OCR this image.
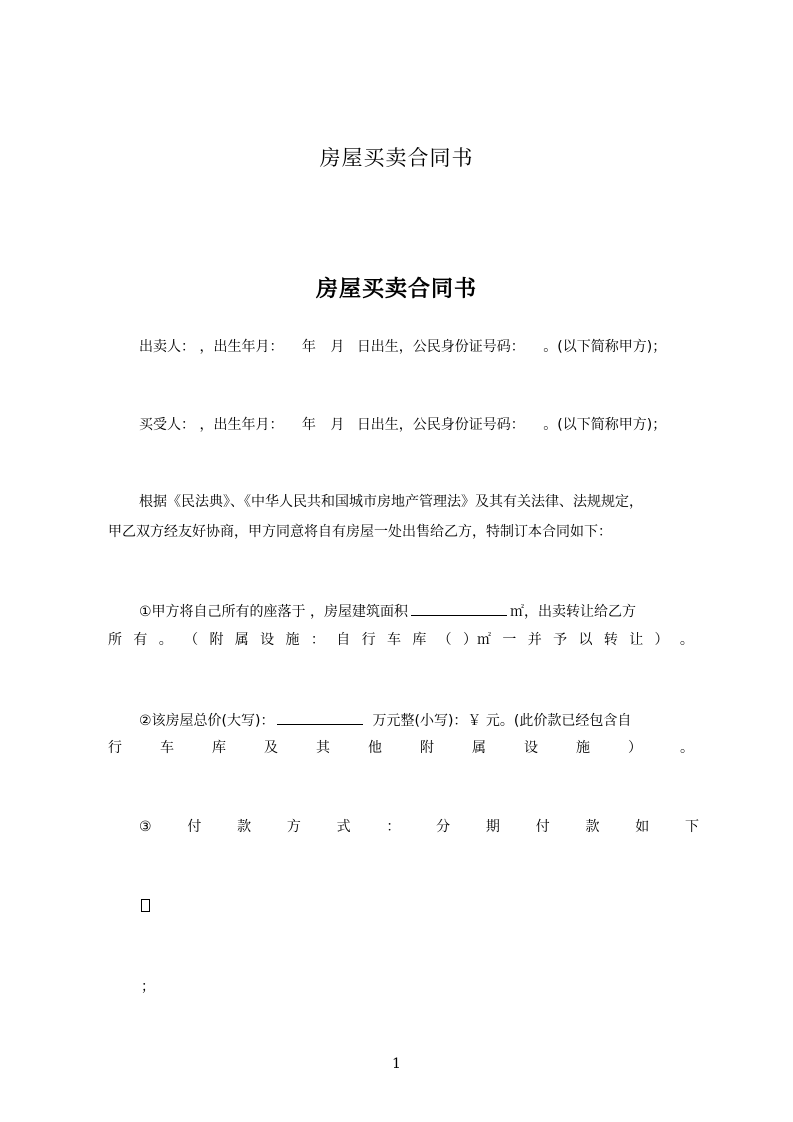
房屋买卖合同书
房屋买卖合同书
出卖人： ，出生年月： 年 月 日出生，公民身份证号码： 。(以下简称甲方)；
买受人： ，出生年月： 年 月 日出生，公民身份证号码： 。(以下简称甲方)；
根据《民法典》、《中华人民共和国城市房地产管理法》及其有关法律、法规规定，
甲乙双方经友好协商，甲方同意将自有房屋一处出售给乙方，特制订本合同如下：
①甲方将自己所有的座落于 ，房屋建筑面积	㎡，出卖转让给乙方
所 有 。 （ 附 属 设 施 ： 自 行 车 库 （ ）㎡ 一 并 予 以 转 让 ） 。
②该房屋总价(大写)：	万元整(小写)：￥ 元。(此价款已经包含自
行	车	库	及	其	他	附	属	设	施	）	。
③	付	款	方	式	：	分	期	付	款	如	下
；
1
